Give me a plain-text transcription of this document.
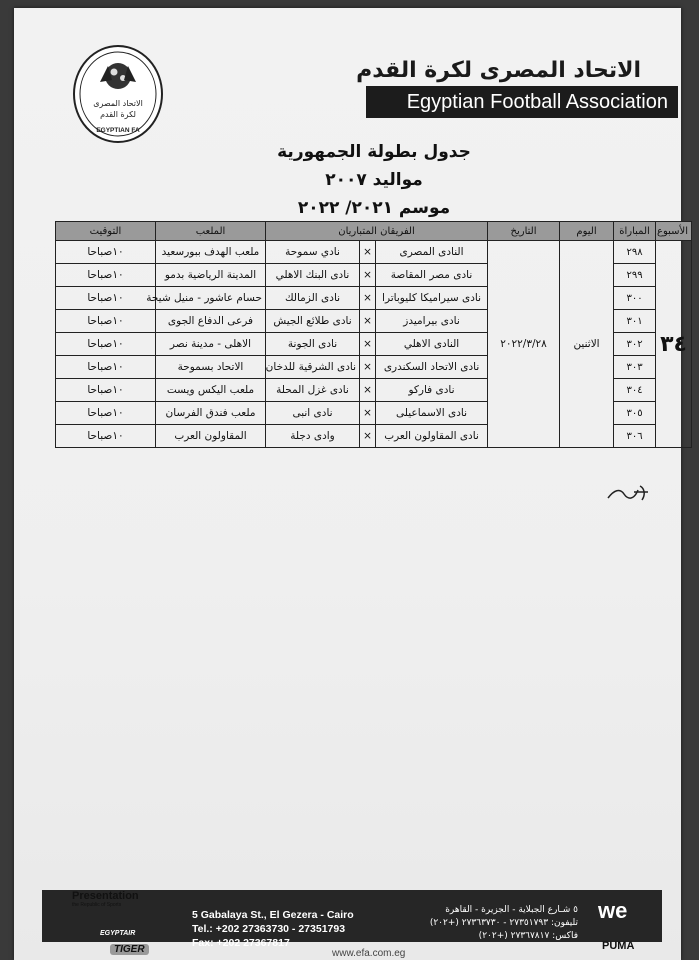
الاتحاد المصرى
لكرة القدم
EGYPTIAN FA
الاتحاد المصرى لكرة القدم
Egyptian Football Association
جدول بطولة الجمهورية
مواليد ٢٠٠٧
موسم ٢٠٢١/ ٢٠٢٢
الأسبوع	المباراة	اليوم	التاريخ	الفريقان المتباريان			الملعب	التوقيت
٣٤	٢٩٨	الاثنين	٢٠٢٢/٣/٢٨	النادى المصرى	×	نادي سموحة	ملعب الهدف ببورسعيد	١٠صباحا
	٢٩٩			نادى مصر المقاصة	×	نادى البنك الاهلي	المدينة الرياضية بدمو	١٠صباحا
	٣٠٠			نادى سيراميكا كليوباترا	×	نادى الزمالك	حسام عاشور - منيل شيحة	١٠صباحا
	٣٠١			نادى بيراميدز	×	نادى طلائع الجيش	فرعى الدفاع الجوى	١٠صباحا
	٣٠٢			النادى الاهلي	×	نادى الجونة	الاهلى - مدينة نصر	١٠صباحا
	٣٠٣			نادى الاتحاد السكندرى	×	نادى الشرقية للدخان	الاتحاد بسموحة	١٠صباحا
	٣٠٤			نادى فاركو	×	نادى غزل المحلة	ملعب اليكس ويست	١٠صباحا
	٣٠٥			نادى الاسماعيلى	×	نادى انبى	ملعب فندق الفرسان	١٠صباحا
	٣٠٦			نادى المقاولون العرب	×	وادى دجلة	المقاولون العرب	١٠صباحا
Presentation
the Republic of Sports
EGYPTAIR
TIGER
5 Gabalaya St., El Gezera - Cairo
Tel.: +202 27363730 - 27351793
Fax: +202 27367817
٥ شـارع الجبلاية - الجزيرة - القاهرة
تليفون: ٢٧٣٥١٧٩٣ - ٢٧٣٦٣٧٣٠ (+٢٠٢)
فاكس: ٢٧٣٦٧٨١٧ (+٢٠٢)
we
PUMA
www.efa.com.eg
